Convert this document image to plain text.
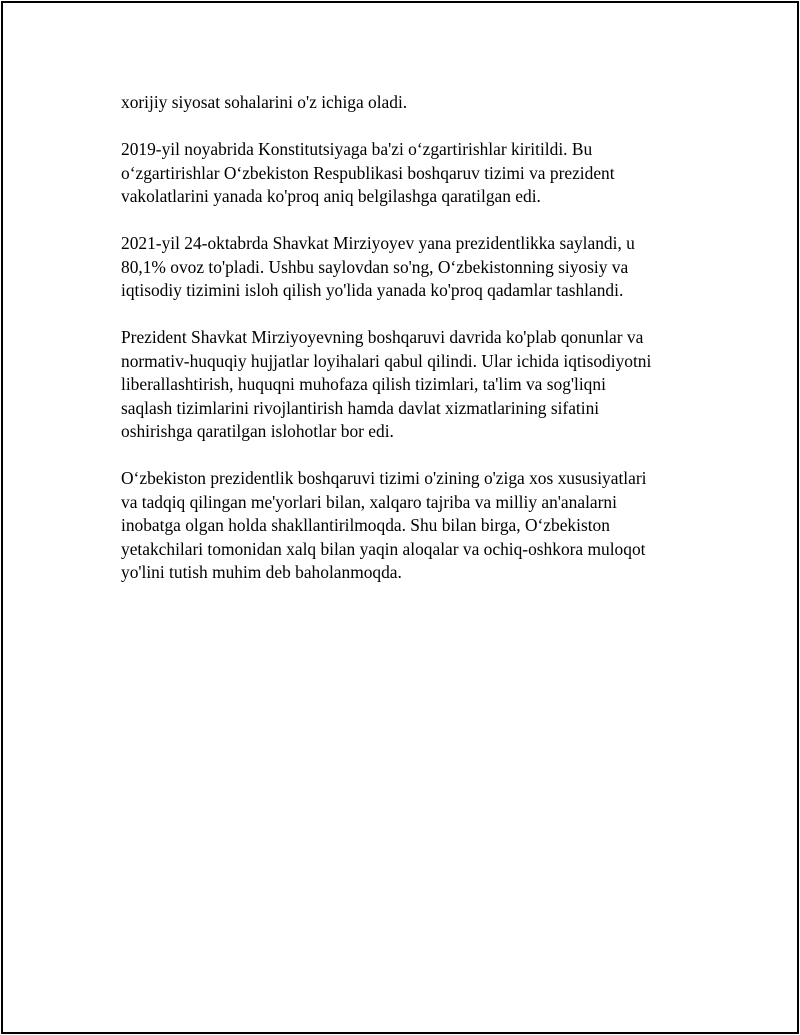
xorijiy siyosat sohalarini o'z ichiga oladi.

2019-yil noyabrida Konstitutsiyaga ba'zi oʻzgartirishlar kiritildi. Bu
oʻzgartirishlar Oʻzbekiston Respublikasi boshqaruv tizimi va prezident
vakolatlarini yanada ko'proq aniq belgilashga qaratilgan edi.

2021-yil 24-oktabrda Shavkat Mirziyoyev yana prezidentlikka saylandi, u
80,1% ovoz to'pladi. Ushbu saylovdan so'ng, Oʻzbekistonning siyosiy va
iqtisodiy tizimini isloh qilish yo'lida yanada ko'proq qadamlar tashlandi.

Prezident Shavkat Mirziyoyevning boshqaruvi davrida ko'plab qonunlar va
normativ-huquqiy hujjatlar loyihalari qabul qilindi. Ular ichida iqtisodiyotni
liberallashtirish, huquqni muhofaza qilish tizimlari, ta'lim va sog'liqni
saqlash tizimlarini rivojlantirish hamda davlat xizmatlarining sifatini
oshirishga qaratilgan islohotlar bor edi.

Oʻzbekiston prezidentlik boshqaruvi tizimi o'zining o'ziga xos xususiyatlari
va tadqiq qilingan me'yorlari bilan, xalqaro tajriba va milliy an'analarni
inobatga olgan holda shakllantirilmoqda. Shu bilan birga, Oʻzbekiston
yetakchilari tomonidan xalq bilan yaqin aloqalar va ochiq-oshkora muloqot
yo'lini tutish muhim deb baholanmoqda.
